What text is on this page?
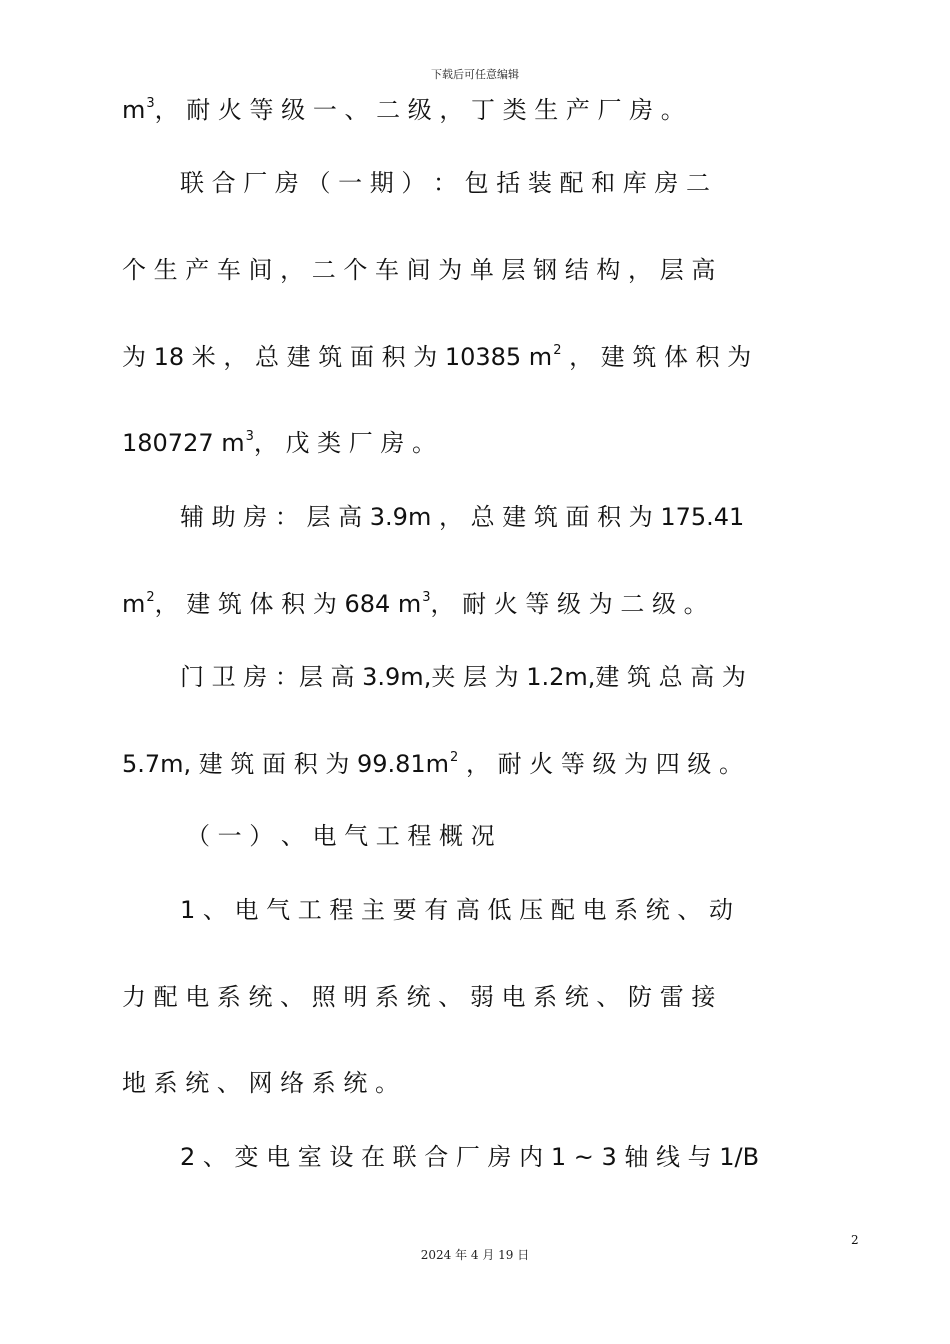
下载后可任意编辑
$m^3$， 耐 火 等 级 一 、 二 级 ， 丁 类 生 产 厂 房 。
联 合 厂 房 （ 一 期 ） ： 包 括 装 配 和 库 房 二
个 生 产 车 间 ， 二 个 车 间 为 单 层 钢 结 构 ， 层 高
为 18 米 ， 总 建 筑 面 积 为 10385 $m^2$ ， 建 筑 体 积 为
180727 $m^3$， 戊 类 厂 房 。
辅 助 房 ： 层 高 3.9m ， 总 建 筑 面 积 为 175.41
$m^2$， 建 筑 体 积 为 684 $m^3$， 耐 火 等 级 为 二 级 。
门 卫 房 ：层 高 3.9m,夹 层 为 1.2m,建 筑 总 高 为
5.7m, 建 筑 面 积 为 $99.81m^2$ ， 耐 火 等 级 为 四 级 。
（ 一 ） 、 电 气 工 程 概 况
1 、 电 气 工 程 主 要 有 高 低 压 配 电 系 统 、 动
力 配 电 系 统 、 照 明 系 统 、 弱 电 系 统 、 防 雷 接
地 系 统 、 网 络 系 统 。
2 、 变 电 室 设 在 联 合 厂 房 内 1 ~ 3 轴 线 与 1/B
2
2024 年 4 月 19 日
